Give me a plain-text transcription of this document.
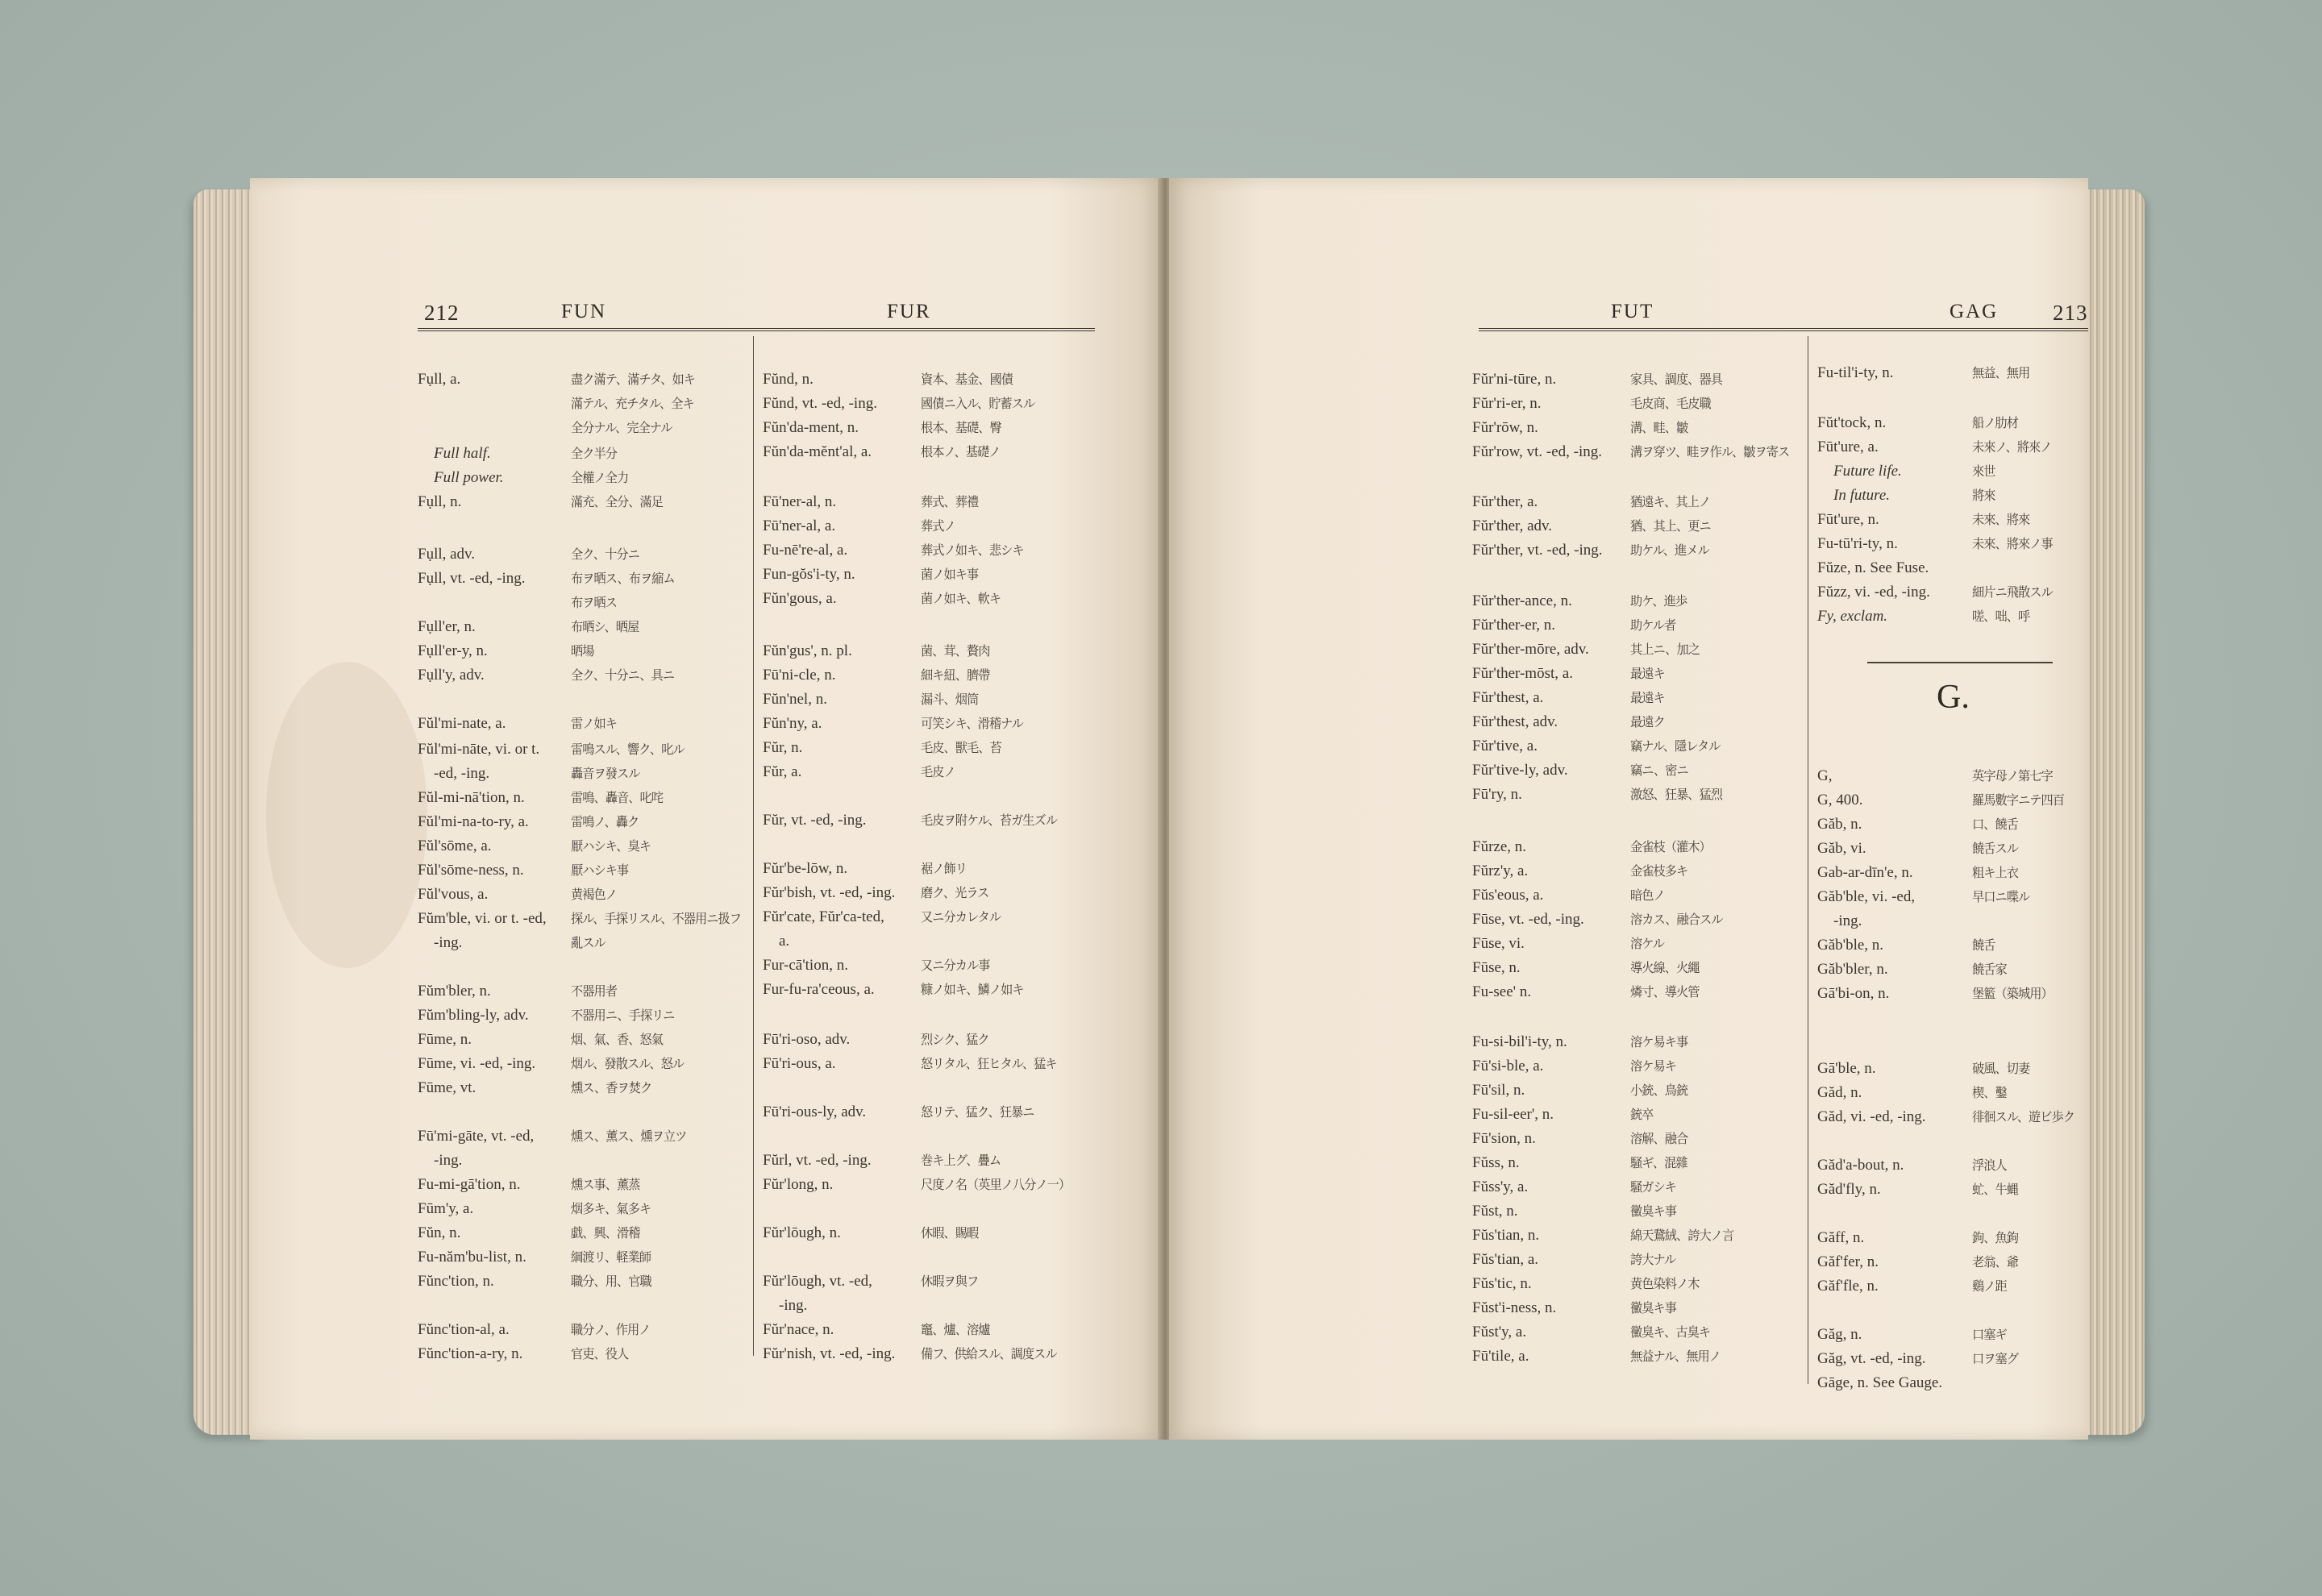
212	FUN	FUR
Fụll, a.	盡ク滿テ、滿チタ、如キ
滿テル、充チタル、全キ
全分ナル、完全ナル
Full half.	全ク半分
Full power.	全權ノ全力
Fụll, n.	滿充、全分、滿足
Fụll, adv.	全ク、十分ニ
Fụll, vt. -ed, -ing.	布ヲ晒ス、布ヲ縮ム
布ヲ晒ス
Fụll'er, n.	布晒シ、晒屋
Fụll'er-y, n.	晒場
Fụll'y, adv.	全ク、十分ニ、具ニ
Fŭl'mi-nate, a.	雷ノ如キ
Fŭl'mi-nāte, vi. or t. 雷鳴スル、響ク、叱ル
-ed, -ing.	轟音ヲ發スル
Fŭl-mi-nā'tion, n.	雷鳴、轟音、叱咤
Fŭl'mi-na-to-ry, a.	雷鳴ノ、轟ク
Fŭl'sōme, a.	厭ハシキ、臭キ
Fŭl'sōme-ness, n.	厭ハシキ事
Fŭl'vous, a.	黄褐色ノ
Fŭm'ble, vi. or t. -ed, 探ル、手探リスル、不器用ニ扱フ
-ing.	亂スル
Fŭm'bler, n.	不器用者
Fŭm'bling-ly, adv.	不器用ニ、手探リニ
Fūme, n.	烟、氣、香、怒氣
Fūme, vi. -ed, -ing.	烟ル、發散スル、怒ル
Fūme, vt.	燻ス、香ヲ焚ク
Fū'mi-gāte, vt. -ed,	燻ス、薰ス、燻ヲ立ツ
-ing.
Fu-mi-gā'tion, n.	燻ス事、薰蒸
Fūm'y, a.	烟多キ、氣多キ
Fŭn, n.	戯、興、滑稽
Fu-năm'bu-list, n.	綱渡リ、軽業師
Fŭnc'tion, n.	職分、用、官職
Fŭnc'tion-al, a.	職分ノ、作用ノ
Fŭnc'tion-a-ry, n.	官吏、役人
Fŭnd, n.	資本、基金、國債
Fŭnd, vt. -ed, -ing.	國債ニ入ル、貯蓄スル
Fŭn'da-ment, n.	根本、基礎、臀
Fŭn'da-mĕnt'al, a.	根本ノ、基礎ノ
Fū'ner-al, n.	葬式、葬禮
Fū'ner-al, a.	葬式ノ
Fu-nē're-al, a.	葬式ノ如キ、悲シキ
Fun-gŏs'i-ty, n.	菌ノ如キ事
Fŭn'gous, a.	菌ノ如キ、軟キ
Fŭn'gus', n. pl.	菌、茸、贅肉
Fū'ni-cle, n.	細キ紐、臍帶
Fŭn'nel, n.	漏斗、烟筒
Fŭn'ny, a.	可笑シキ、滑稽ナル
Fŭr, n.	毛皮、獸毛、苔
Fŭr, a.	毛皮ノ
Fŭr, vt. -ed, -ing.	毛皮ヲ附ケル、苔ガ生ズル
Fŭr'be-lōw, n.	裾ノ飾リ
Fŭr'bish, vt. -ed, -ing. 磨ク、光ラス
Fŭr'cate, Fŭr'ca-ted,	又ニ分カレタル
a.
Fur-cā'tion, n.	又ニ分カル事
Fur-fu-ra'ceous, a.	糠ノ如キ、鱗ノ如キ
Fū'ri-oso, adv.	烈シク、猛ク
Fū'ri-ous, a.	怒リタル、狂ヒタル、猛キ
Fū'ri-ous-ly, adv.	怒リテ、猛ク、狂暴ニ
Fŭrl, vt. -ed, -ing.	巻キ上グ、疊ム
Fŭr'long, n.	尺度ノ名（英里ノ八分ノ一）
Fŭr'lōugh, n.	休暇、賜暇
Fŭr'lōugh, vt. -ed,	休暇ヲ與フ
-ing.
Fŭr'nace, n.	竈、爐、溶爐
Fŭr'nish, vt. -ed, -ing. 備フ、供給スル、調度スル
FUT	GAG	213
Fŭr'ni-tūre, n.	家具、調度、器具
Fŭr'ri-er, n.	毛皮商、毛皮職
Fŭr'rōw, n.	溝、畦、皺
Fŭr'row, vt. -ed, -ing. 溝ヲ穿ツ、畦ヲ作ル、皺ヲ寄ス
Fŭr'ther, a.	猶遠キ、其上ノ
Fŭr'ther, adv.	猶、其上、更ニ
Fŭr'ther, vt. -ed, -ing. 助ケル、進メル
Fŭr'ther-ance, n.	助ケ、進歩
Fŭr'ther-er, n.	助ケル者
Fŭr'ther-mōre, adv.	其上ニ、加之
Fŭr'ther-mōst, a.	最遠キ
Fŭr'thest, a.	最遠キ
Fŭr'thest, adv.	最遠ク
Fŭr'tive, a.	竊ナル、隱レタル
Fŭr'tive-ly, adv.	竊ニ、密ニ
Fū'ry, n.	激怒、狂暴、猛烈
Fŭrze, n.	金雀枝（灌木）
Fŭrz'y, a.	金雀枝多キ
Fŭs'eous, a.	暗色ノ
Fūse, vt. -ed, -ing.	溶カス、融合スル
Fūse, vi.	溶ケル
Fūse, n.	導火線、火繩
Fu-see' n.	燐寸、導火管
Fu-si-bil'i-ty, n.	溶ケ易キ事
Fū'si-ble, a.	溶ケ易キ
Fū'sil, n.	小銃、鳥銃
Fu-sil-eer', n.	銃卒
Fū'sion, n.	溶解、融合
Fŭss, n.	騒ギ、混雜
Fŭss'y, a.	騒ガシキ
Fŭst, n.	黴臭キ事
Fŭs'tian, n.	綿天鵞絨、誇大ノ言
Fŭs'tian, a.	誇大ナル
Fŭs'tic, n.	黄色染料ノ木
Fŭst'i-ness, n.	黴臭キ事
Fŭst'y, a.	黴臭キ、古臭キ
Fū'tile, a.	無益ナル、無用ノ
Fu-til'i-ty, n.	無益、無用
Fŭt'tock, n.	船ノ肋材
Fūt'ure, a.	未來ノ、將來ノ
Future life.	來世
In future.	將來
Fūt'ure, n.	未來、將來
Fu-tū'ri-ty, n.	未來、將來ノ事
Fŭze, n. See Fuse.
Fŭzz, vi. -ed, -ing.	細片ニ飛散スル
Fy, exclam.	嗟、咄、呼
G,	英字母ノ第七字
G, 400.	羅馬數字ニテ四百
Găb, n.	口、饒舌
Găb, vi.	饒舌スル
Gab-ar-dīn'e, n.	粗キ上衣
Găb'ble, vi. -ed,	早口ニ喋ル
-ing.
Găb'ble, n.	饒舌
Găb'bler, n.	饒舌家
Gā'bi-on, n.	堡籃（築城用）
Gā'ble, n.	破風、切妻
Găd, n.	楔、鑿
Găd, vi. -ed, -ing.	徘徊スル、遊ビ歩ク
Găd'a-bout, n.	浮浪人
Găd'fly, n.	虻、牛蝿
Găff, n.	鉤、魚鉤
Găf'fer, n.	老翁、爺
Găf'fle, n.	鷄ノ距
Găg, n.	口塞ギ
Găg, vt. -ed, -ing.	口ヲ塞グ
Gāge, n. See Gauge.
G.
